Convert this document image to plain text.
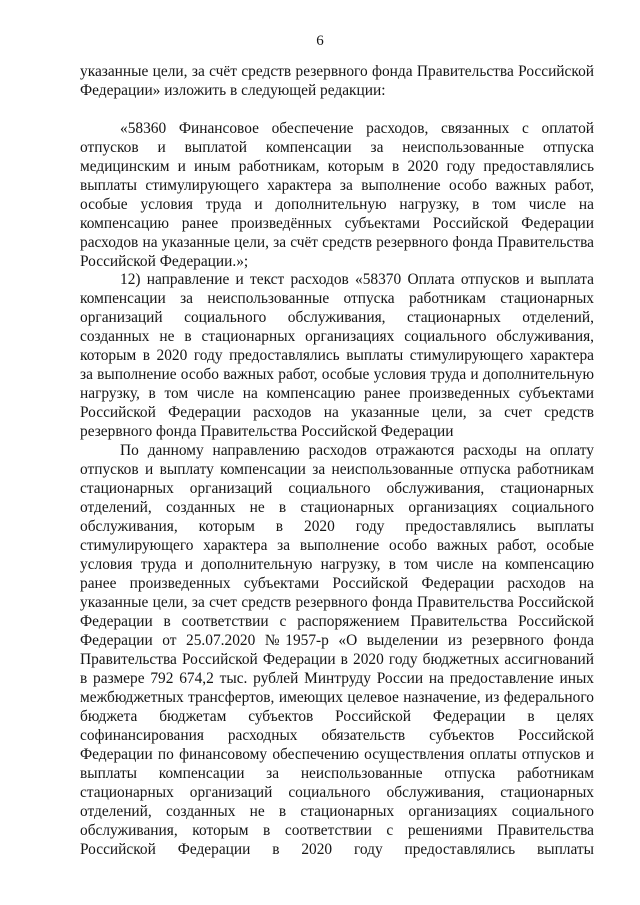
6
указанные цели, за счёт средств резервного фонда Правительства Российской
Федерации» изложить в следующей редакции:
«58360 Финансовое обеспечение расходов, связанных с оплатой
отпусков и выплатой компенсации за неиспользованные отпуска
медицинским и иным работникам, которым в 2020 году предоставлялись
выплаты стимулирующего характера за выполнение особо важных работ,
особые условия труда и дополнительную нагрузку, в том числе на
компенсацию ранее произведённых субъектами Российской Федерации
расходов на указанные цели, за счёт средств резервного фонда Правительства
Российской Федерации.»;
12) направление и текст расходов «58370 Оплата отпусков и выплата
компенсации за неиспользованные отпуска работникам стационарных
организаций социального обслуживания, стационарных отделений,
созданных не в стационарных организациях социального обслуживания,
которым в 2020 году предоставлялись выплаты стимулирующего характера
за выполнение особо важных работ, особые условия труда и дополнительную
нагрузку, в том числе на компенсацию ранее произведенных субъектами
Российской Федерации расходов на указанные цели, за счет средств
резервного фонда Правительства Российской Федерации
По данному направлению расходов отражаются расходы на оплату
отпусков и выплату компенсации за неиспользованные отпуска работникам
стационарных организаций социального обслуживания, стационарных
отделений, созданных не в стационарных организациях социального
обслуживания, которым в 2020 году предоставлялись выплаты
стимулирующего характера за выполнение особо важных работ, особые
условия труда и дополнительную нагрузку, в том числе на компенсацию
ранее произведенных субъектами Российской Федерации расходов на
указанные цели, за счет средств резервного фонда Правительства Российской
Федерации в соответствии с распоряжением Правительства Российской
Федерации от 25.07.2020 №1957-р «О выделении из резервного фонда
Правительства Российской Федерации в 2020 году бюджетных ассигнований
в размере 792 674,2 тыс. рублей Минтруду России на предоставление иных
межбюджетных трансфертов, имеющих целевое назначение, из федерального
бюджета бюджетам субъектов Российской Федерации в целях
софинансирования расходных обязательств субъектов Российской
Федерации по финансовому обеспечению осуществления оплаты отпусков и
выплаты компенсации за неиспользованные отпуска работникам
стационарных организаций социального обслуживания, стационарных
отделений, созданных не в стационарных организациях социального
обслуживания, которым в соответствии с решениями Правительства
Российской Федерации в 2020 году предоставлялись выплаты
